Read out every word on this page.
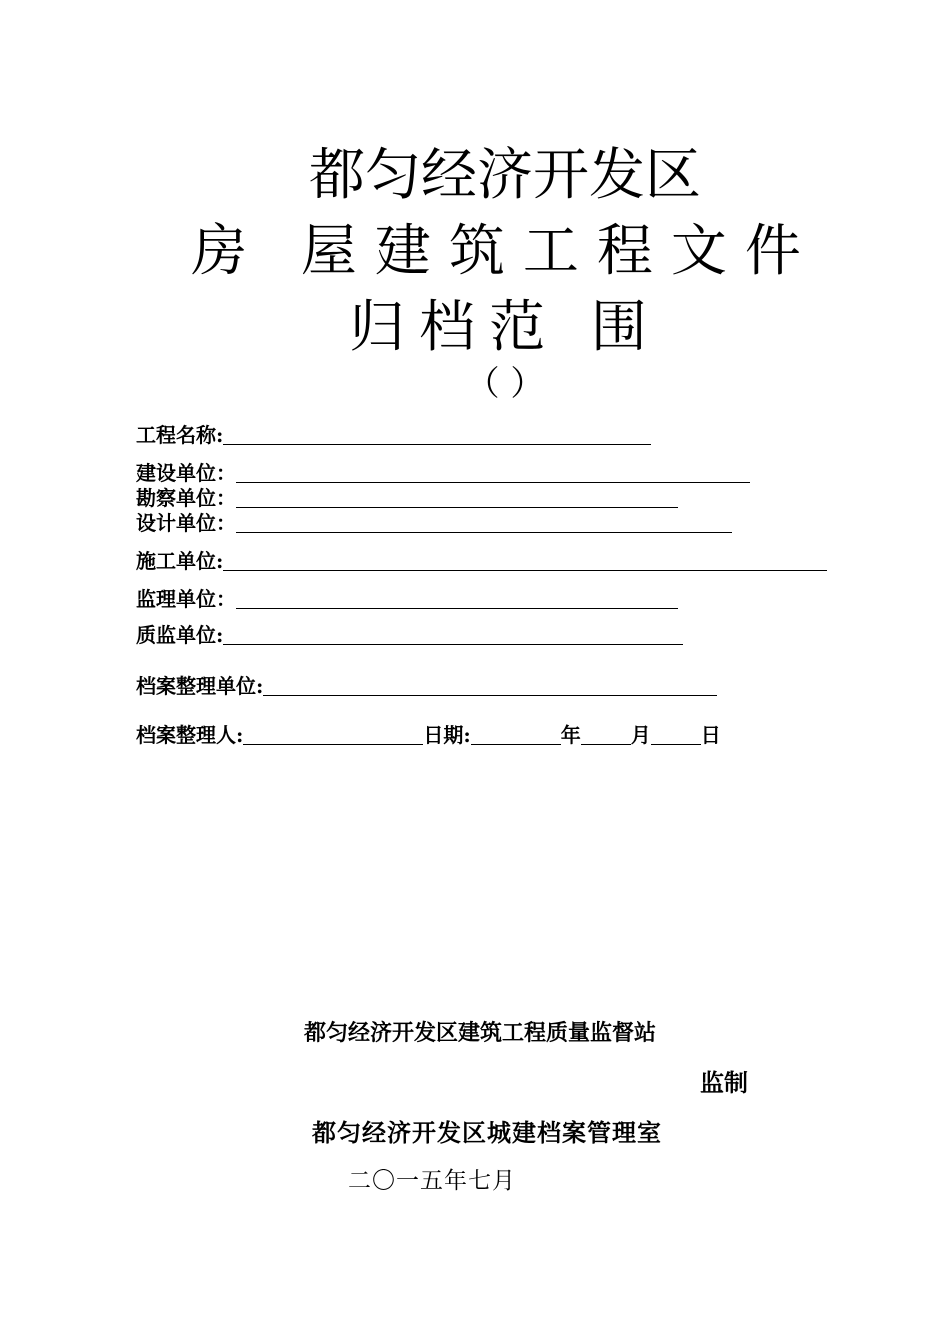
都匀经济开发区
房 屋建筑工程文件
归档范 围
（ ）
工程名称:
建设单位：
勘察单位：
设计单位：
施工单位:
监理单位：
质监单位:
档案整理单位:
档案整理人:	日期:	年	月	日
都匀经济开发区建筑工程质量监督站
监制
都匀经济开发区城建档案管理室
二〇一五年七月
